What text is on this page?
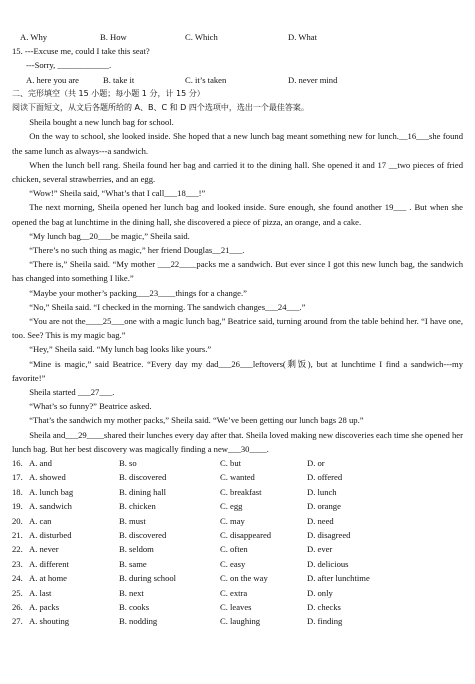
A. Why	B. How	C. Which	D. What
15. ---Excuse me, could I take this seat?
---Sorry, ____________.
A. here you are	B. take it	C. it’s taken	D. never mind
二、完形填空（共 15 小题；每小题 1 分，计 15 分）
阅读下面短文，从文后各题所给的 A、B、C 和 D 四个选项中，选出一个最佳答案。
Sheila bought a new lunch bag for school.
On the way to school, she looked inside. She hoped that a new lunch bag meant something new for lunch.__16___she found the same lunch as always---a sandwich.
When the lunch bell rang. Sheila found her bag and carried it to the dining hall. She opened it and 17 __two pieces of fried chicken, several strawberries, and an egg.
“Wow!” Sheila said, “What’s that I call___18___!”
The next morning, Sheila opened her lunch bag and looked inside. Sure enough, she found another 19___ . But when she opened the bag at lunchtime in the dining hall, she discovered a piece of pizza, an orange, and a cake.
“My lunch bag__20___be magic,” Sheila said.
“There’s no such thing as magic,” her friend Douglas__21___.
“There is,” Sheila said. “My mother ___22____packs me a sandwich. But ever since I got this new lunch bag, the sandwich has changed into something I like.”
“Maybe your mother’s packing___23____things for a change.”
“No,” Sheila said. “I checked in the morning. The sandwich changes___24___.”
“You are not the____25___one with a magic lunch bag,” Beatrice said, turning around from the table behind her. “I have one, too. See? This is my magic bag.”
“Hey,” Sheila said. “My lunch bag looks like yours.”
“Mine is magic,” said Beatrice. “Every day my dad___26___leftovers(剩饭), but at lunchtime I find a sandwich---my favorite!”
Sheila started ___27___.
“What’s so funny?” Beatrice asked.
“That’s the sandwich my mother packs,” Sheila said. “We’ve been getting our lunch bags 28 up.”
Sheila and___29____shared their lunches every day after that. Sheila loved making new discoveries each time she opened her lunch bag. But her best discovery was magically finding a new___30____.
16. A. and	B. so	C. but	D. or
17. A. showed	B. discovered	C. wanted	D. offered
18. A. lunch bag	B. dining hall	C. breakfast	D. lunch
19. A. sandwich	B. chicken	C. egg	D. orange
20. A. can	B. must	C. may	D. need
21. A. disturbed	B. discovered	C. disappeared	D. disagreed
22. A. never	B. seldom	C. often	D. ever
23. A. different	B. same	C. easy	D. delicious
24. A. at home	B. during school	C. on the way	D. after lunchtime
25. A. last	B. next	C. extra	D. only
26. A. packs	B. cooks	C. leaves	D. checks
27. A. shouting	B. nodding	C. laughing	D. finding
